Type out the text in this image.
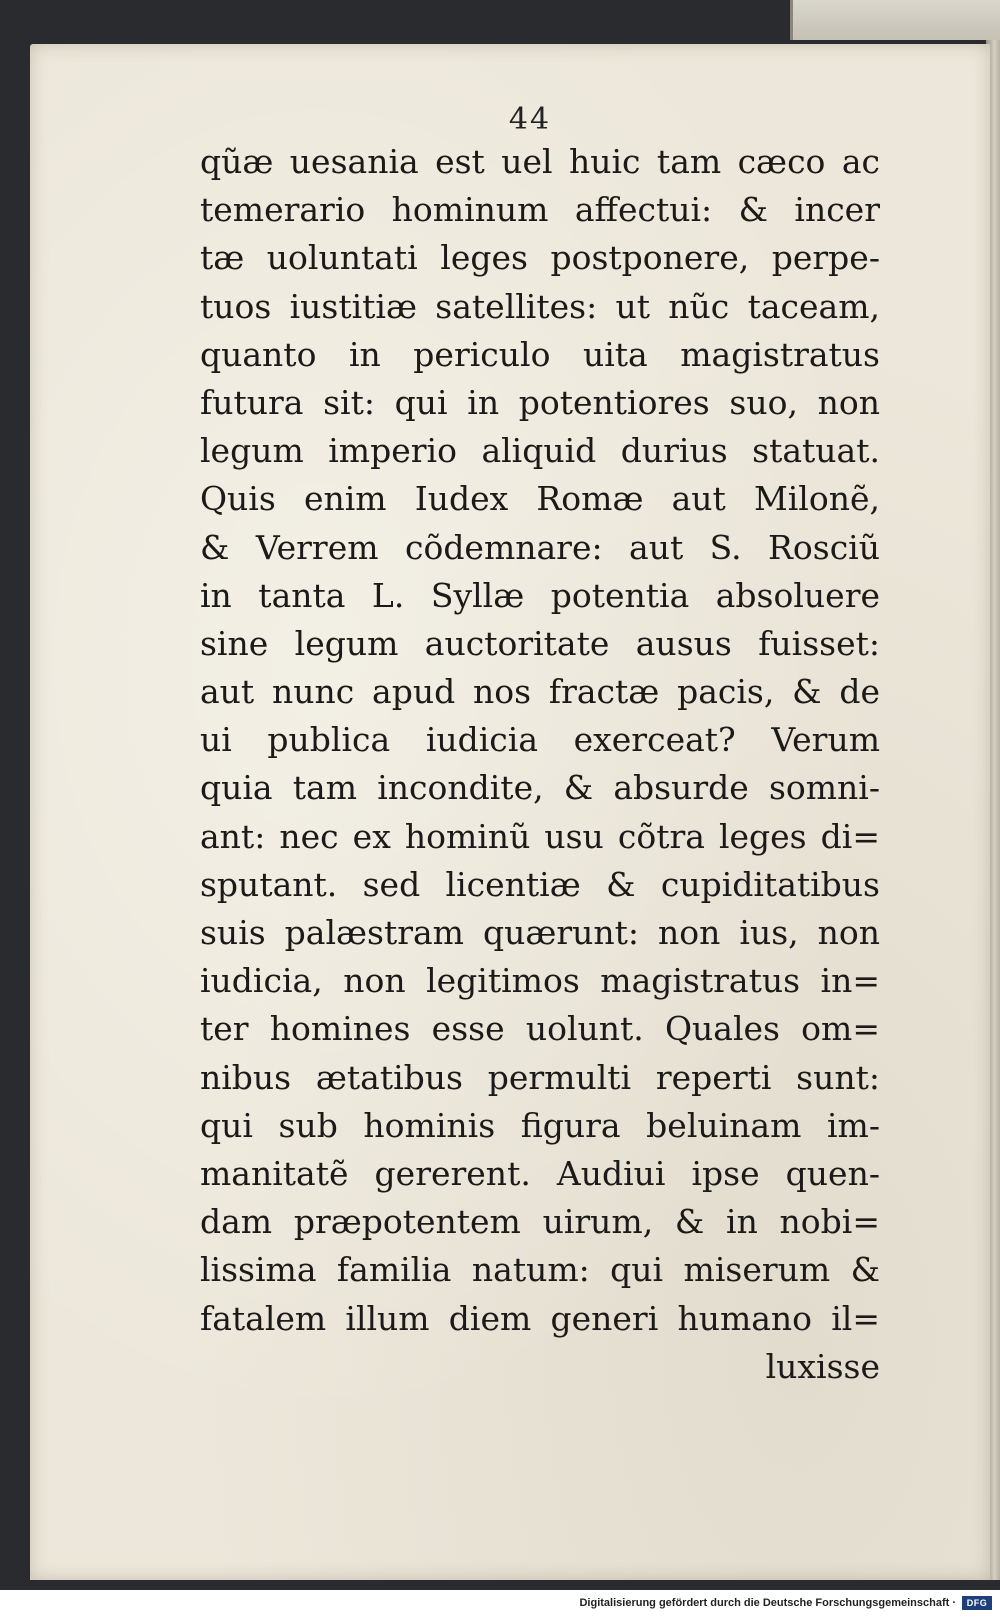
44
qũæ uesania est uel huic tam cæco ac
temerario hominum affectui: & incer
tæ uoluntati leges postponere, perpe-
tuos iustitiæ satellites: ut nũc taceam,
quanto in periculo uita magistratus
futura sit: qui in potentiores suo, non
legum imperio aliquid durius statuat.
Quis enim Iudex Romæ aut Milonẽ,
& Verrem cõdemnare: aut S. Rosciũ
in tanta L. Syllæ potentia absoluere
sine legum auctoritate ausus fuisset:
aut nunc apud nos fractæ pacis, & de
ui publica iudicia exerceat? Verum
quia tam incondite, & absurde somni-
ant: nec ex hominũ usu cõtra leges di=
sputant. sed licentiæ & cupiditatibus
suis palæstram quærunt: non ius, non
iudicia, non legitimos magistratus in=
ter homines esse uolunt. Quales om=
nibus ætatibus permulti reperti sunt:
qui sub hominis figura beluinam im-
manitatẽ gererent. Audiui ipse quen-
dam præpotentem uirum, & in nobi=
lissima familia natum: qui miserum &
fatalem illum diem generi humano il=
luxisse
Digitalisierung gefördert durch die Deutsche Forschungsgemeinschaft ·	DFG
